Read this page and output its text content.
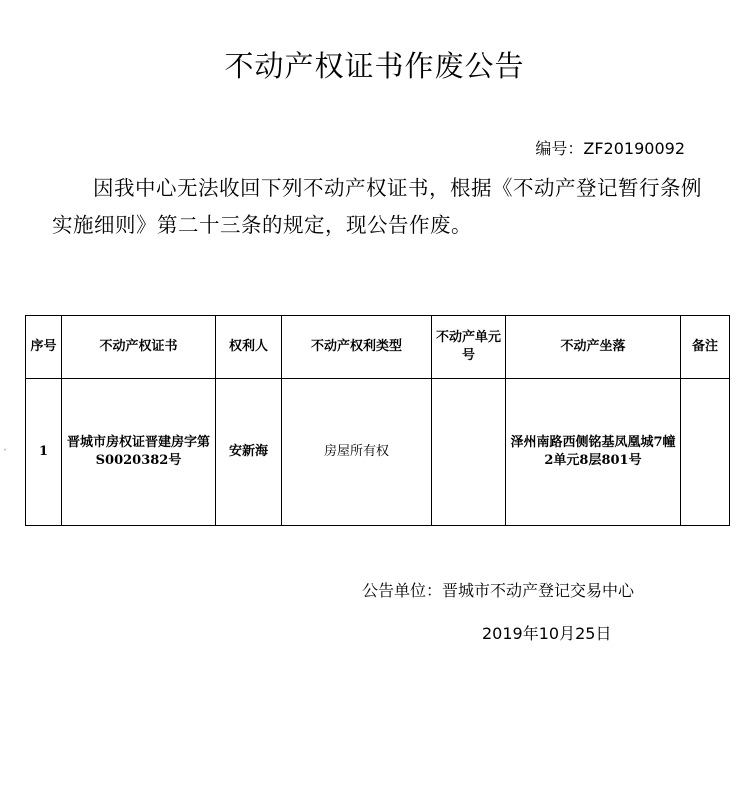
不动产权证书作废公告
编号：ZF20190092
因我中心无法收回下列不动产权证书，根据《不动产登记暂行条例实施细则》第二十三条的规定，现公告作废。
˅
序号	不动产权证书	权利人	不动产权利类型	不动产单元号	不动产坐落	备注
1	晋城市房权证晋建房字第S0020382号	安新海	房屋所有权		泽州南路西侧铭基凤凰城7幢2单元8层801号	
公告单位：晋城市不动产登记交易中心
2019年10月25日
